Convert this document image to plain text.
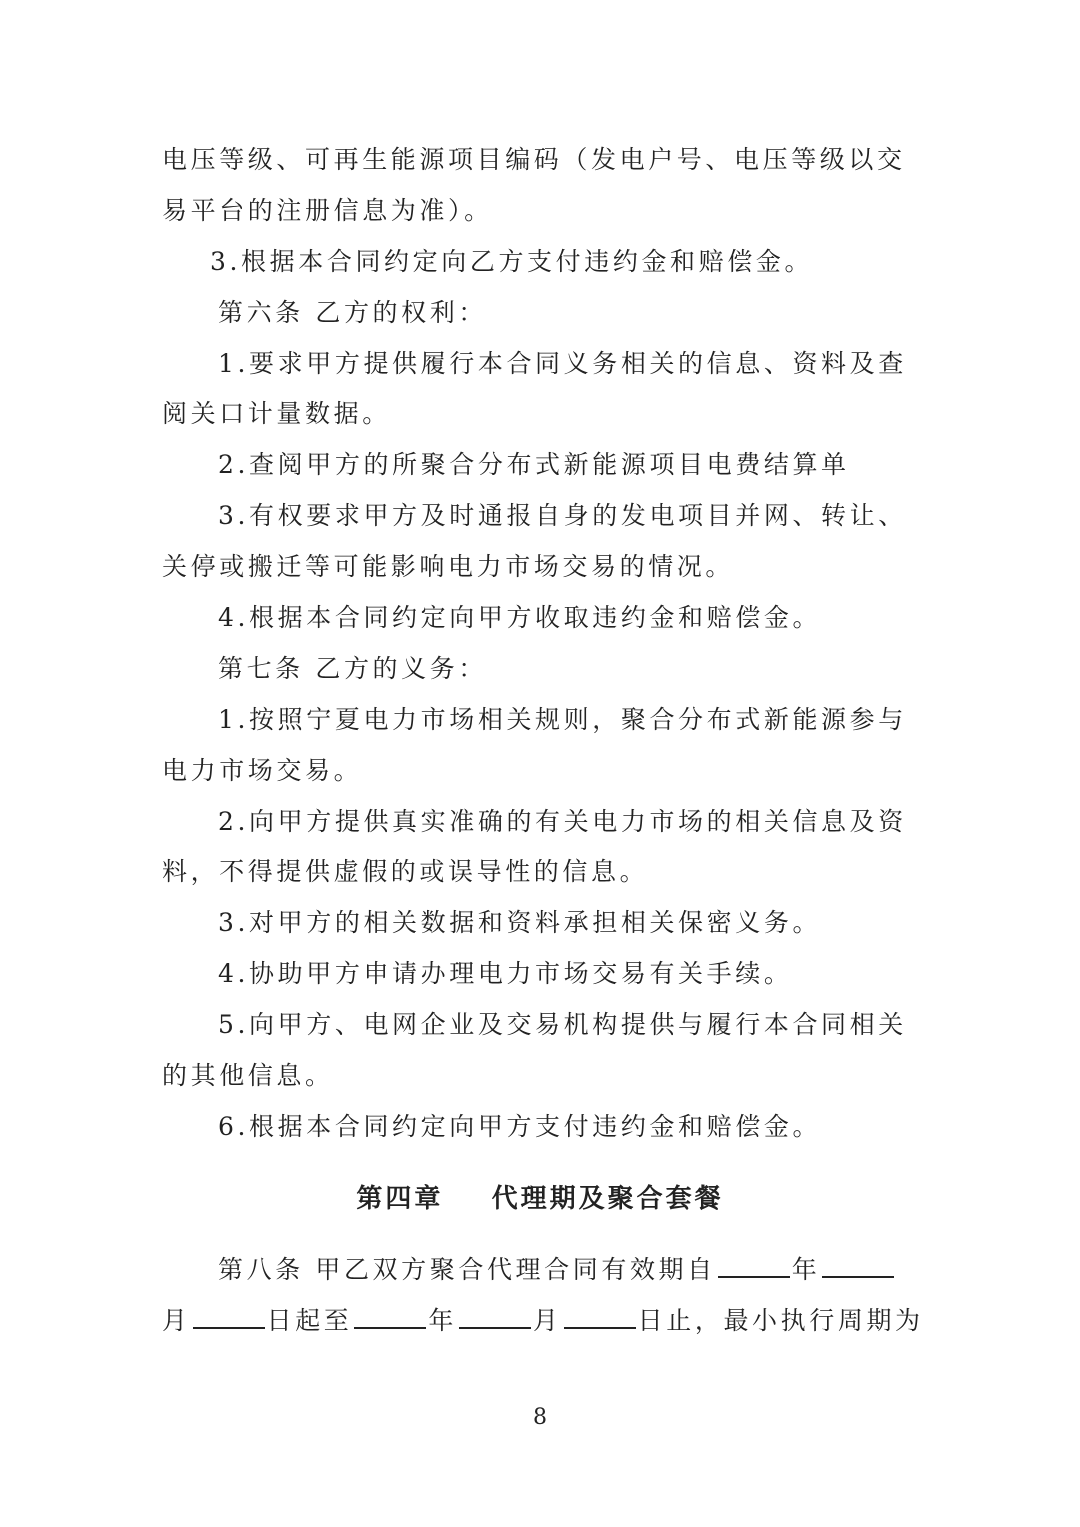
电压等级、可再生能源项目编码（发电户号、电压等级以交
易平台的注册信息为准）。
3.根据本合同约定向乙方支付违约金和赔偿金。
第六条 乙方的权利：
1.要求甲方提供履行本合同义务相关的信息、资料及查
阅关口计量数据。
2.查阅甲方的所聚合分布式新能源项目电费结算单
3.有权要求甲方及时通报自身的发电项目并网、转让、
关停或搬迁等可能影响电力市场交易的情况。
4.根据本合同约定向甲方收取违约金和赔偿金。
第七条 乙方的义务：
1.按照宁夏电力市场相关规则，聚合分布式新能源参与
电力市场交易。
2.向甲方提供真实准确的有关电力市场的相关信息及资
料，不得提供虚假的或误导性的信息。
3.对甲方的相关数据和资料承担相关保密义务。
4.协助甲方申请办理电力市场交易有关手续。
5.向甲方、电网企业及交易机构提供与履行本合同相关
的其他信息。
6.根据本合同约定向甲方支付违约金和赔偿金。
第四章    代理期及聚合套餐
第八条 甲乙双方聚合代理合同有效期自	年
月	日起至	年	月	日止，最小执行周期为
8
